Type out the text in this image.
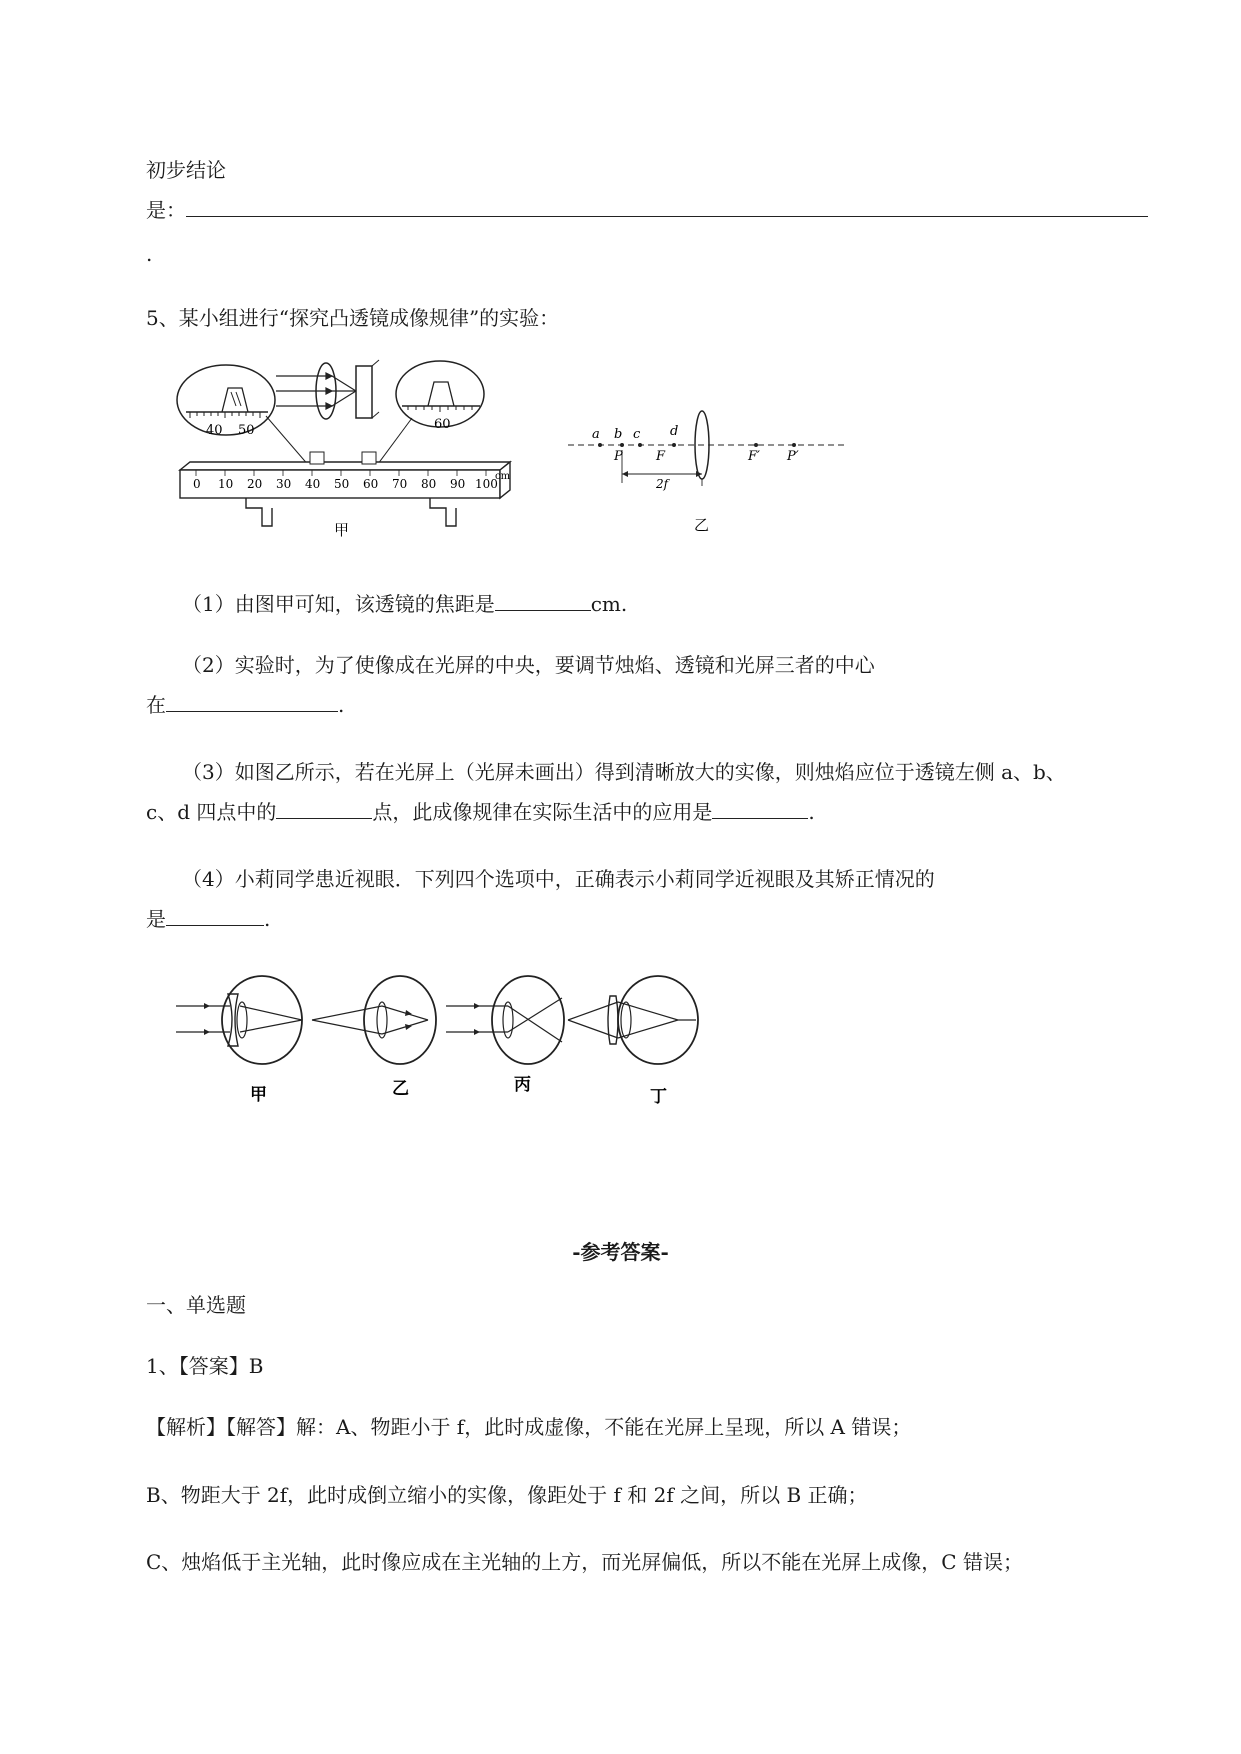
初步结论
是：
.
5、某小组进行“探究凸透镜成像规律”的实验：
40 50	60
0 10 20 30 40 50 60 70 80 90 100
cm
甲
a b c d
P	F	F′ P′
2f
乙
（1）由图甲可知，该透镜的焦距是	cm.
（2）实验时，为了使像成在光屏的中央，要调节烛焰、透镜和光屏三者的中心
在	.
（3）如图乙所示，若在光屏上（光屏未画出）得到清晰放大的实像，则烛焰应位于透镜左侧 a、b、
c、d 四点中的	点，此成像规律在实际生活中的应用是	.
（4）小莉同学患近视眼．下列四个选项中，正确表示小莉同学近视眼及其矫正情况的
是	.
甲	乙	丙
丁
-参考答案-
一、单选题
1、【答案】B
【解析】【解答】解：A、物距小于 f，此时成虚像，不能在光屏上呈现，所以 A 错误；
B、物距大于 2f，此时成倒立缩小的实像，像距处于 f 和 2f 之间，所以 B 正确；
C、烛焰低于主光轴，此时像应成在主光轴的上方，而光屏偏低，所以不能在光屏上成像，C 错误；
